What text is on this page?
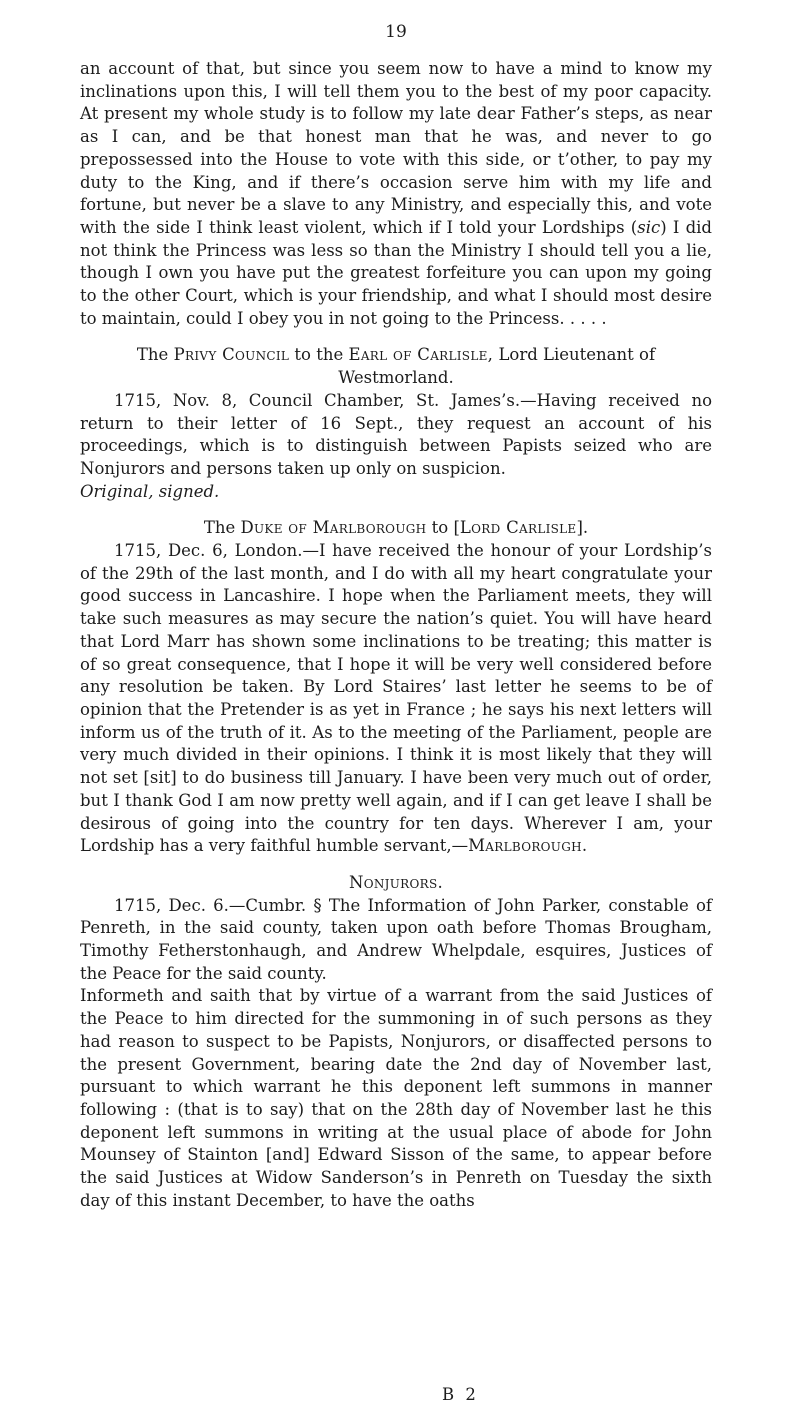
19

an account of that, but since you seem now to have a mind to know my inclinations upon this, I will tell them you to the best of my poor capacity. At present my whole study is to follow my late dear Father’s steps, as near as I can, and be that honest man that he was, and never to go prepossessed into the House to vote with this side, or t’other, to pay my duty to the King, and if there’s occasion serve him with my life and fortune, but never be a slave to any Ministry, and especially this, and vote with the side I think least violent, which if I told your Lordships (sic) I did not think the Princess was less so than the Ministry I should tell you a lie, though I own you have put the greatest forfeiture you can upon my going to the other Court, which is your friendship, and what I should most desire to maintain, could I obey you in not going to the Princess. . . . .

The Privy Council to the Earl of Carlisle, Lord Lieutenant of Westmorland.

1715, Nov. 8, Council Chamber, St. James’s.—Having received no return to their letter of 16 Sept., they request an account of his proceedings, which is to distinguish between Papists seized who are Nonjurors and persons taken up only on suspicion.

Original, signed.

The Duke of Marlborough to [Lord Carlisle].

1715, Dec. 6, London.—I have received the honour of your Lordship’s of the 29th of the last month, and I do with all my heart congratulate your good success in Lancashire. I hope when the Parliament meets, they will take such measures as may secure the nation’s quiet. You will have heard that Lord Marr has shown some inclinations to be treating; this matter is of so great consequence, that I hope it will be very well considered before any resolution be taken. By Lord Staires’ last letter he seems to be of opinion that the Pretender is as yet in France ; he says his next letters will inform us of the truth of it. As to the meeting of the Parliament, people are very much divided in their opinions. I think it is most likely that they will not set [sit] to do business till January. I have been very much out of order, but I thank God I am now pretty well again, and if I can get leave I shall be desirous of going into the country for ten days. Wherever I am, your Lordship has a very faithful humble servant,—Marlborough.

Nonjurors.

1715, Dec. 6.—Cumbr. § The Information of John Parker, constable of Penreth, in the said county, taken upon oath before Thomas Brougham, Timothy Fetherstonhaugh, and Andrew Whelpdale, esquires, Justices of the Peace for the said county.

Informeth and saith that by virtue of a warrant from the said Justices of the Peace to him directed for the summoning in of such persons as they had reason to suspect to be Papists, Nonjurors, or disaffected persons to the present Government, bearing date the 2nd day of November last, pursuant to which warrant he this deponent left summons in manner following : (that is to say) that on the 28th day of November last he this deponent left summons in writing at the usual place of abode for John Mounsey of Stainton [and] Edward Sisson of the same, to appear before the said Justices at Widow Sanderson’s in Penreth on Tuesday the sixth day of this instant December, to have the oaths

B 2
